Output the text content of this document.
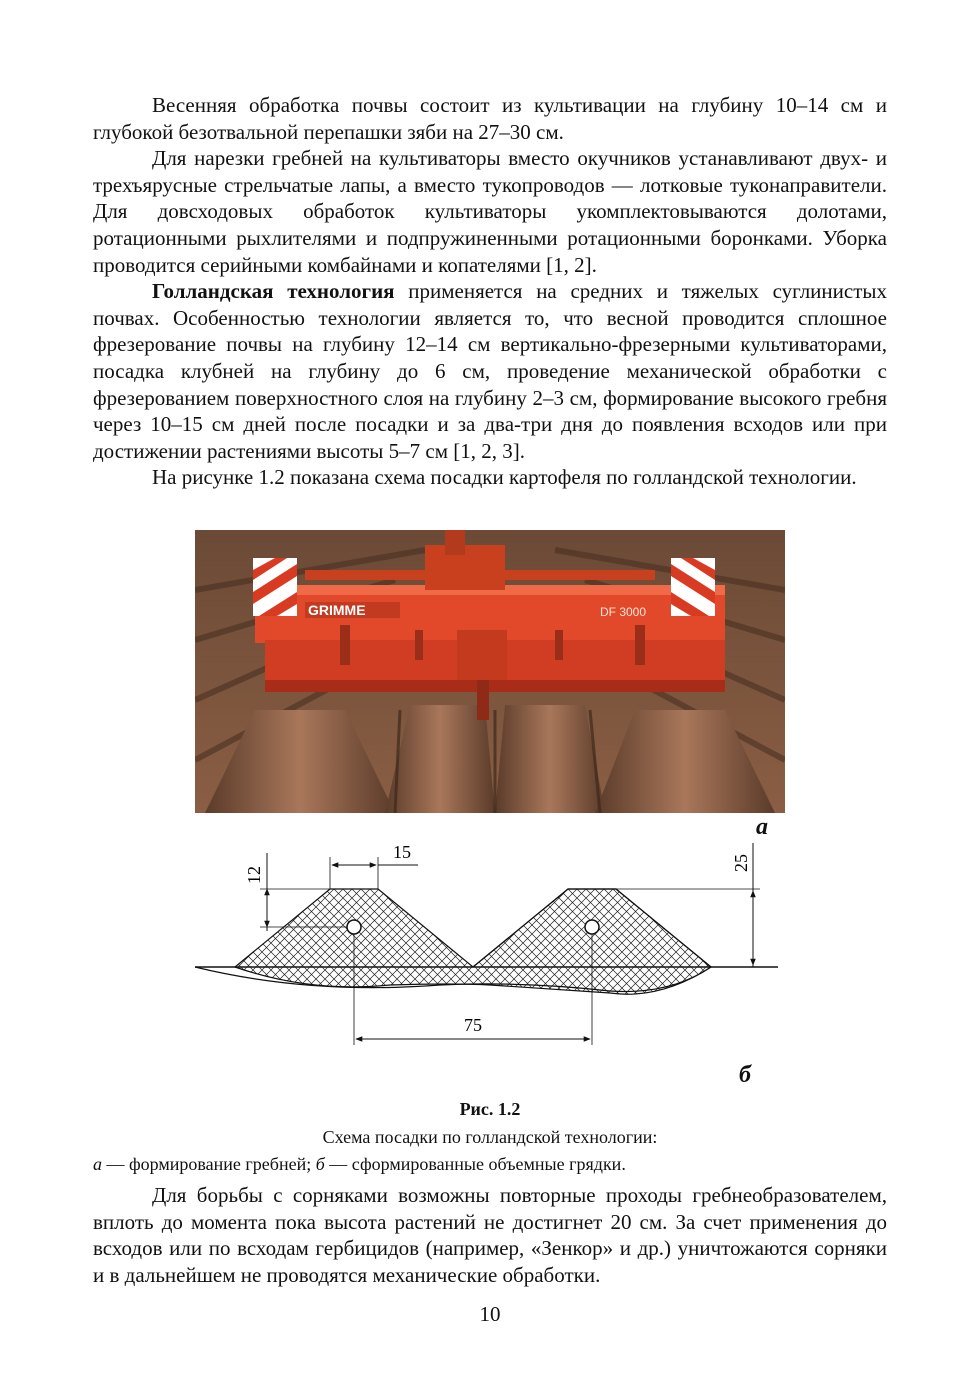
Весенняя обработка почвы состоит из культивации на глубину 10–14 см и глубокой безотвальной перепашки зяби на 27–30 см.

Для нарезки гребней на культиваторы вместо окучников устанавливают двух- и трехъярусные стрельчатые лапы, а вместо тукопроводов — лотковые туконаправители. Для довсходовых обработок культиваторы укомплектовываются долотами, ротационными рыхлителями и подпружиненными ротационными боронками. Уборка проводится серийными комбайнами и копателями [1, 2].

Голландская технология применяется на средних и тяжелых суглинистых почвах. Особенностью технологии является то, что весной проводится сплошное фрезерование почвы на глубину 12–14 см вертикально-фрезерными культиваторами, посадка клубней на глубину до 6 см, проведение механической обработки с фрезерованием поверхностного слоя на глубину 2–3 см, формирование высокого гребня через 10–15 см дней после посадки и за два-три дня до появления всходов или при достижении растениями высоты 5–7 см [1, 2, 3].

На рисунке 1.2 показана схема посадки картофеля по голландской технологии.

GRIMME	DF 3000
а
12
15
25
75
б
Рис. 1.2
Схема посадки по голландской технологии:
а — формирование гребней; б — сформированные объемные грядки.

Для борьбы с сорняками возможны повторные проходы гребнеобразователем, вплоть до момента пока высота растений не достигнет 20 см. За счет применения до всходов или по всходам гербицидов (например, «Зенкор» и др.) уничтожаются сорняки и в дальнейшем не проводятся механические обработки.

10
